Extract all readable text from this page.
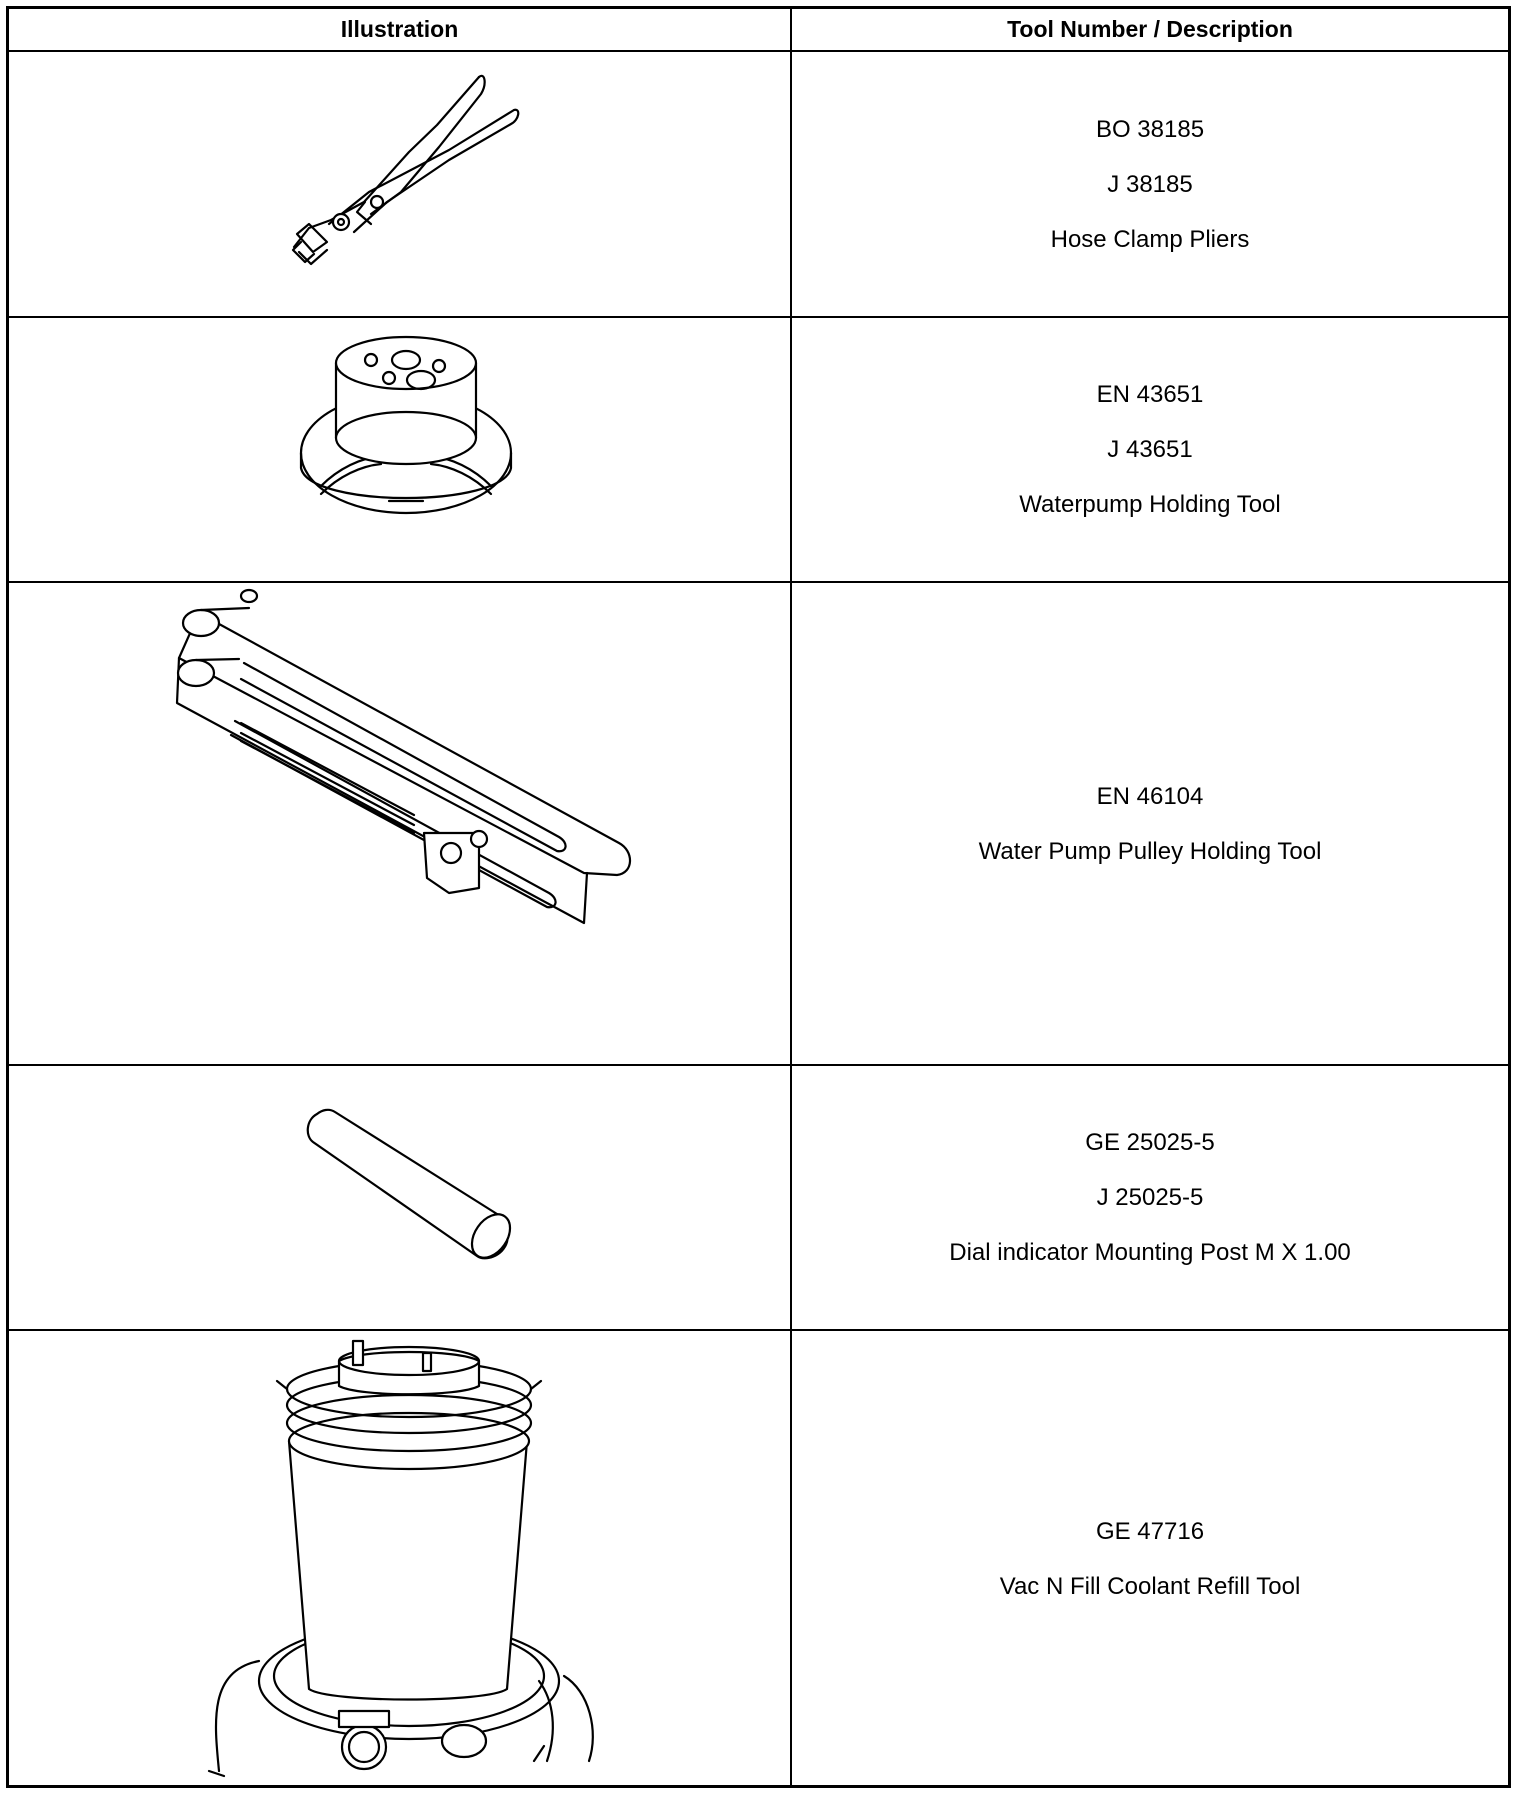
Illustration	Tool Number / Description
BO 38185
J 38185
Hose Clamp Pliers
EN 43651
J 43651
Waterpump Holding Tool
EN 46104
Water Pump Pulley Holding Tool
GE 25025-5
J 25025-5
Dial indicator Mounting Post M X 1.00
GE 47716
Vac N Fill Coolant Refill Tool
